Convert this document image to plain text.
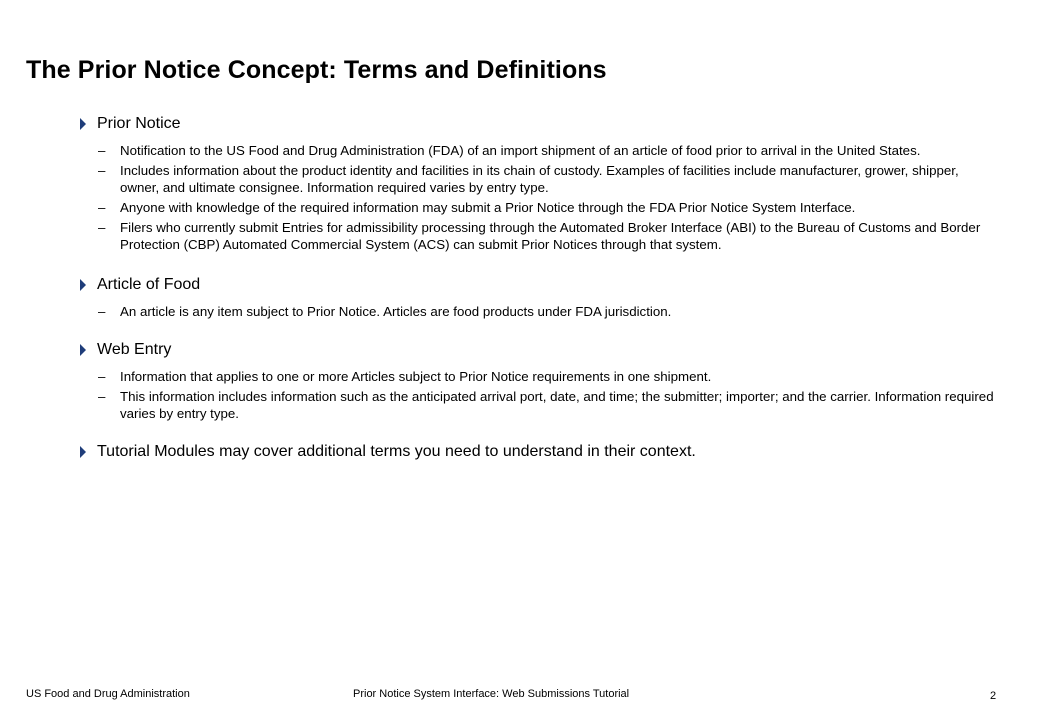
The Prior Notice Concept: Terms and Definitions
Prior Notice
– Notification to the US Food and Drug Administration (FDA) of an import shipment of an article of food prior to arrival in the United States.
– Includes information about the product identity and facilities in its chain of custody. Examples of facilities include manufacturer, grower, shipper, owner, and ultimate consignee. Information required varies by entry type.
– Anyone with knowledge of the required information may submit a Prior Notice through the FDA Prior Notice System Interface.
– Filers who currently submit Entries for admissibility processing through the Automated Broker Interface (ABI) to the Bureau of Customs and Border Protection (CBP) Automated Commercial System (ACS) can submit Prior Notices through that system.
Article of Food
– An article is any item subject to Prior Notice. Articles are food products under FDA jurisdiction.
Web Entry
– Information that applies to one or more Articles subject to Prior Notice requirements in one shipment.
– This information includes information such as the anticipated arrival port, date, and time; the submitter; importer; and the carrier. Information required varies by entry type.
Tutorial Modules may cover additional terms you need to understand in their context.
US Food and Drug Administration	Prior Notice System Interface: Web Submissions Tutorial	2
